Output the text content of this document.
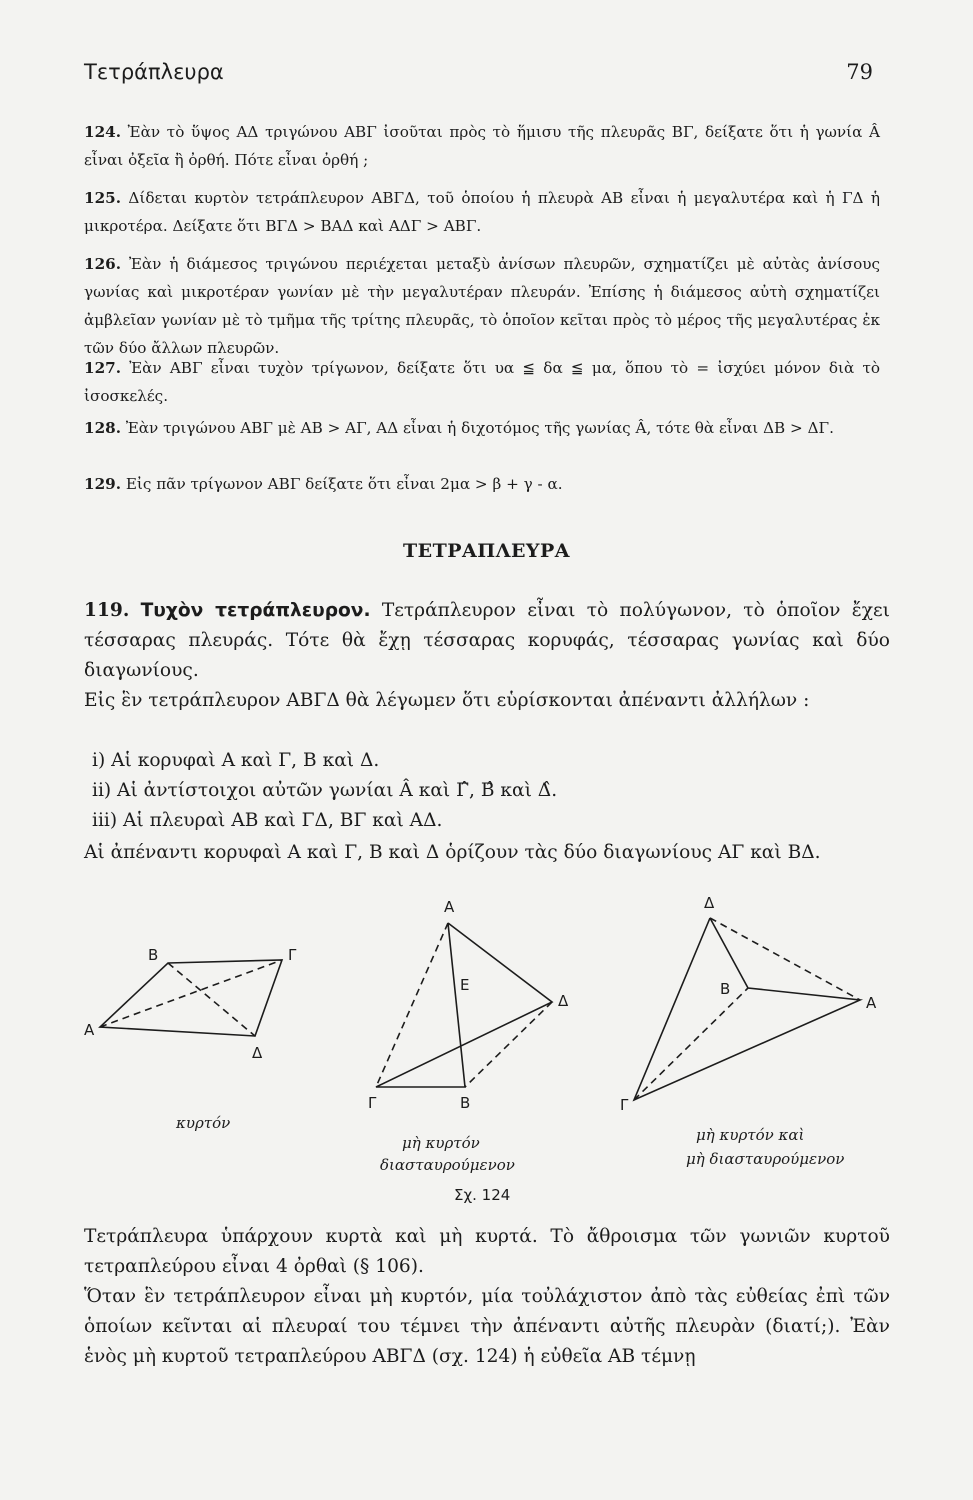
Τετράπλευρα	79
124. Ἐὰν τὸ ὕψος ΑΔ τριγώνου ΑΒΓ ἰσοῦται πρὸς τὸ ἥμισυ τῆς πλευρᾶς ΒΓ, δείξατε ὅτι ἡ γωνία Â εἶναι ὀξεῖα ἢ ὀρθή. Πότε εἶναι ὀρθή ;
125. Δίδεται κυρτὸν τετράπλευρον ΑΒΓΔ, τοῦ ὁποίου ἡ πλευρὰ ΑΒ εἶναι ἡ μεγαλυτέρα καὶ ἡ ΓΔ ἡ μικροτέρα. Δείξατε ὅτι ΒΓΔ > ΒΑΔ καὶ ΑΔΓ > ΑΒΓ.
126. Ἐὰν ἡ διάμεσος τριγώνου περιέχεται μεταξὺ ἀνίσων πλευρῶν, σχηματίζει μὲ αὐτὰς ἀνίσους γωνίας καὶ μικροτέραν γωνίαν μὲ τὴν μεγαλυτέραν πλευράν. Ἐπίσης ἡ διάμεσος αὐτὴ σχηματίζει ἀμβλεῖαν γωνίαν μὲ τὸ τμῆμα τῆς τρίτης πλευρᾶς, τὸ ὁποῖον κεῖται πρὸς τὸ μέρος τῆς μεγαλυτέρας ἐκ τῶν δύο ἄλλων πλευρῶν.
127. Ἐὰν ΑΒΓ εἶναι τυχὸν τρίγωνον, δείξατε ὅτι υα ≦ δα ≦ μα, ὅπου τὸ = ἰσχύει μόνον διὰ τὸ ἰσοσκελές.
128. Ἐὰν τριγώνου ΑΒΓ μὲ ΑΒ > ΑΓ, ΑΔ εἶναι ἡ διχοτόμος τῆς γωνίας Â, τότε θὰ εἶναι ΔΒ > ΔΓ.
129. Εἰς πᾶν τρίγωνον ΑΒΓ δείξατε ὅτι εἶναι 2μα > β + γ - α.
ΤΕΤΡΑΠΛΕΥΡΑ
119. Τυχὸν τετράπλευρον. Τετράπλευρον εἶναι τὸ πολύγωνον, τὸ ὁποῖον ἔχει τέσσαρας πλευράς. Τότε θὰ ἔχῃ τέσσαρας κορυφάς, τέσσαρας γωνίας καὶ δύο διαγωνίους.
Εἰς ἓν τετράπλευρον ΑΒΓΔ θὰ λέγωμεν ὅτι εὑρίσκονται ἀπέναντι ἀλλήλων :
i) Αἱ κορυφαὶ Α καὶ Γ, Β καὶ Δ.
ii) Αἱ ἀντίστοιχοι αὐτῶν γωνίαι Â καὶ Γ̂, Β̂ καὶ Δ̂.
iii) Αἱ πλευραὶ ΑΒ καὶ ΓΔ, ΒΓ καὶ ΑΔ.
Αἱ ἀπέναντι κορυφαὶ Α καὶ Γ, Β καὶ Δ ὁρίζουν τὰς δύο διαγωνίους ΑΓ καὶ ΒΔ.
Β	Γ
Α
Δ
κυρτόν
Α
Δ
Ε
Γ	Β
μὴ κυρτόν
διασταυρούμενον
Σχ. 124
Δ
Β
Α
Γ
μὴ κυρτόν καὶ
μὴ διασταυρούμενον
Τετράπλευρα ὑπάρχουν κυρτὰ καὶ μὴ κυρτά. Τὸ ἄθροισμα τῶν γωνιῶν κυρτοῦ τετραπλεύρου εἶναι 4 ὀρθαὶ (§ 106).
Ὅταν ἓν τετράπλευρον εἶναι μὴ κυρτόν, μία τοὐλάχιστον ἀπὸ τὰς εὐθείας ἐπὶ τῶν ὁποίων κεῖνται αἱ πλευραί του τέμνει τὴν ἀπέναντι αὐτῆς πλευρὰν (διατί;). Ἐὰν ἑνὸς μὴ κυρτοῦ τετραπλεύρου ΑΒΓΔ (σχ. 124) ἡ εὐθεῖα ΑΒ τέμνῃ
